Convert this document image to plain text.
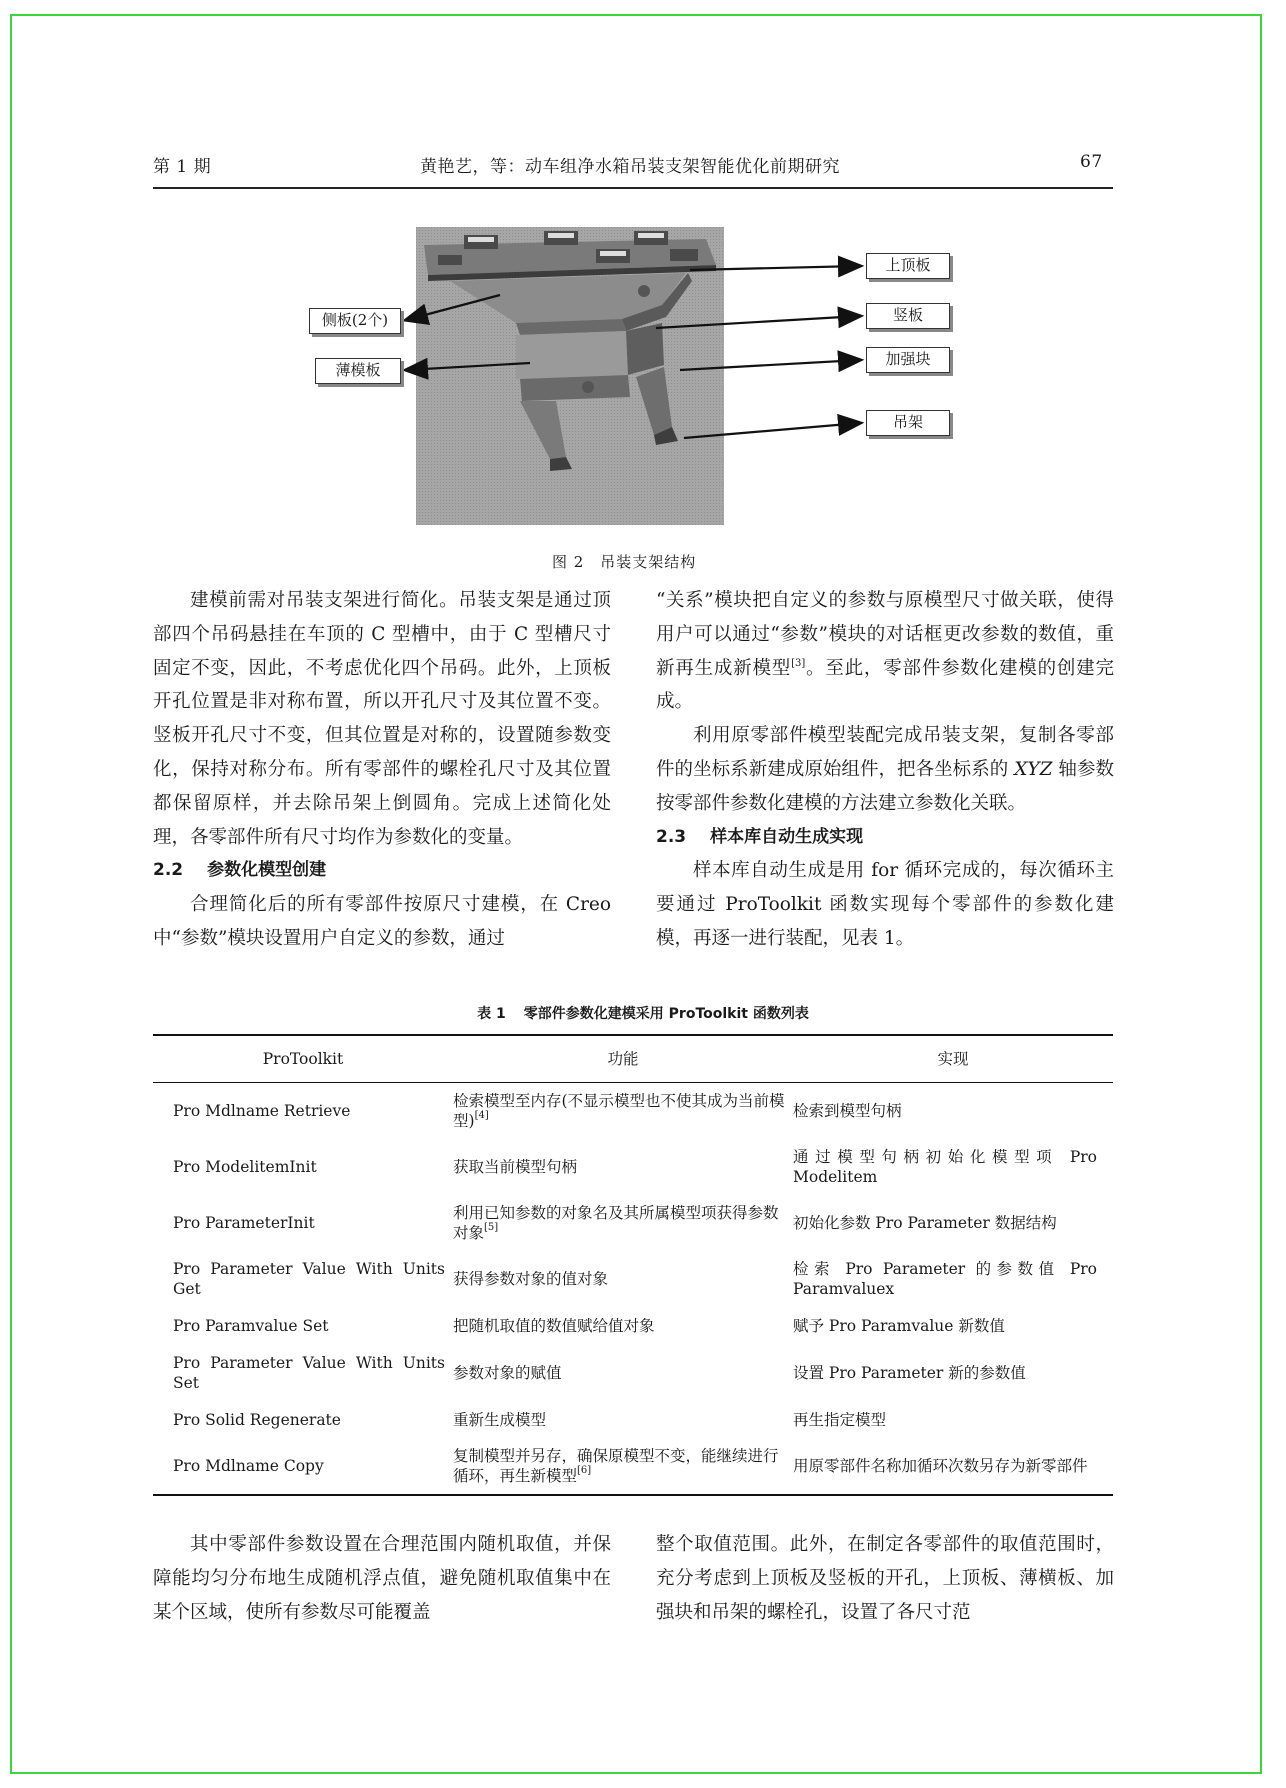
第 1 期	黄艳艺，等：动车组净水箱吊装支架智能优化前期研究	67
侧板(2个)
薄模板
上顶板
竖板
加强块
吊架
图 2　吊装支架结构

建模前需对吊装支架进行简化。吊装支架是通过顶部四个吊码悬挂在车顶的 C 型槽中，由于 C 型槽尺寸固定不变，因此，不考虑优化四个吊码。此外，上顶板开孔位置是非对称布置，所以开孔尺寸及其位置不变。竖板开孔尺寸不变，但其位置是对称的，设置随参数变化，保持对称分布。所有零部件的螺栓孔尺寸及其位置都保留原样，并去除吊架上倒圆角。完成上述简化处理，各零部件所有尺寸均作为参数化的变量。

2.2 参数化模型创建

合理简化后的所有零部件按原尺寸建模，在 Creo 中“参数”模块设置用户自定义的参数，通过

“关系”模块把自定义的参数与原模型尺寸做关联，使得用户可以通过“参数”模块的对话框更改参数的数值，重新再生成新模型[3]。至此，零部件参数化建模的创建完成。

利用原零部件模型装配完成吊装支架，复制各零部件的坐标系新建成原始组件，把各坐标系的 XYZ 轴参数按零部件参数化建模的方法建立参数化关联。

2.3 样本库自动生成实现

样本库自动生成是用 for 循环完成的，每次循环主要通过 ProToolkit 函数实现每个零部件的参数化建模，再逐一进行装配，见表 1。

表 1 零部件参数化建模采用 ProToolkit 函数列表
ProToolkit	功能	实现
Pro Mdlname Retrieve	检索模型至内存(不显示模型也不使其成为当前模型)[4]	检索到模型句柄
Pro ModelitemInit	获取当前模型句柄	通过模型句柄初始化模型项 Pro Modelitem
Pro ParameterInit	利用已知参数的对象名及其所属模型项获得参数对象[5]	初始化参数 Pro Parameter 数据结构
Pro Parameter Value With Units Get	获得参数对象的值对象	检索 Pro Parameter 的参数值 Pro Paramvaluex
Pro Paramvalue Set	把随机取值的数值赋给值对象	赋予 Pro Paramvalue 新数值
Pro Parameter Value With Units Set	参数对象的赋值	设置 Pro Parameter 新的参数值
Pro Solid Regenerate	重新生成模型	再生指定模型
Pro Mdlname Copy	复制模型并另存，确保原模型不变，能继续进行循环，再生新模型[6]	用原零部件名称加循环次数另存为新零部件

其中零部件参数设置在合理范围内随机取值，并保障能均匀分布地生成随机浮点值，避免随机取值集中在某个区域，使所有参数尽可能覆盖

整个取值范围。此外，在制定各零部件的取值范围时，充分考虑到上顶板及竖板的开孔，上顶板、薄横板、加强块和吊架的螺栓孔，设置了各尺寸范
